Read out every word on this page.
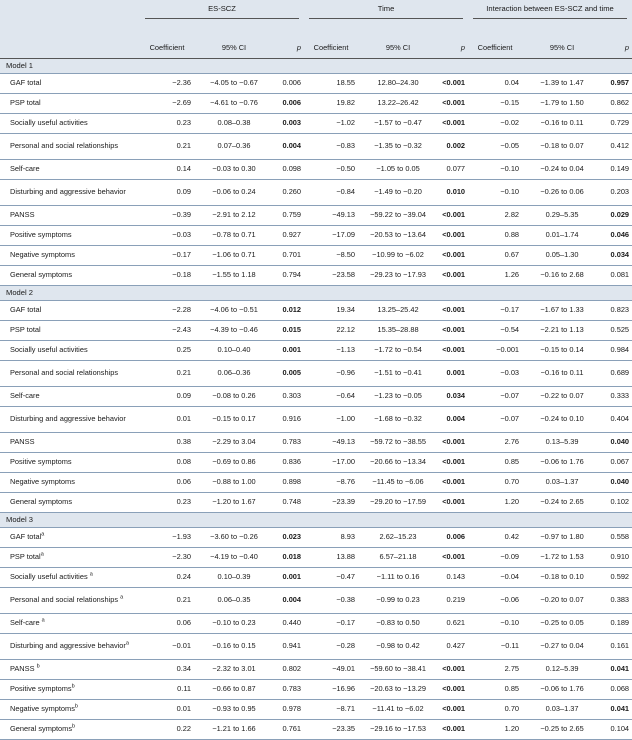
	ES-SCZ			Time			Interaction between ES-SCZ and time		

	Coefficient	95% CI	p	Coefficient	95% CI	p	Coefficient	95% CI	p
Model 1									
GAF total	−2.36	−4.05 to −0.67	0.006	18.55	12.80–24.30	<0.001	0.04	−1.39 to 1.47	0.957
PSP total	−2.69	−4.61 to −0.76	0.006	19.82	13.22–26.42	<0.001	−0.15	−1.79 to 1.50	0.862
Socially useful activities	0.23	0.08–0.38	0.003	−1.02	−1.57 to −0.47	<0.001	−0.02	−0.16 to 0.11	0.729
Personal and social relationships	0.21	0.07–0.36	0.004	−0.83	−1.35 to −0.32	0.002	−0.05	−0.18 to 0.07	0.412
Self-care	0.14	−0.03 to 0.30	0.098	−0.50	−1.05 to 0.05	0.077	−0.10	−0.24 to 0.04	0.149
Disturbing and aggressive behavior	0.09	−0.06 to 0.24	0.260	−0.84	−1.49 to −0.20	0.010	−0.10	−0.26 to 0.06	0.203
PANSS	−0.39	−2.91 to 2.12	0.759	−49.13	−59.22 to −39.04	<0.001	2.82	0.29–5.35	0.029
Positive symptoms	−0.03	−0.78 to 0.71	0.927	−17.09	−20.53 to −13.64	<0.001	0.88	0.01–1.74	0.046
Negative symptoms	−0.17	−1.06 to 0.71	0.701	−8.50	−10.99 to −6.02	<0.001	0.67	0.05–1.30	0.034
General symptoms	−0.18	−1.55 to 1.18	0.794	−23.58	−29.23 to −17.93	<0.001	1.26	−0.16 to 2.68	0.081
Model 2									
GAF total	−2.28	−4.06 to −0.51	0.012	19.34	13.25–25.42	<0.001	−0.17	−1.67 to 1.33	0.823
PSP total	−2.43	−4.39 to −0.46	0.015	22.12	15.35–28.88	<0.001	−0.54	−2.21 to 1.13	0.525
Socially useful activities	0.25	0.10–0.40	0.001	−1.13	−1.72 to −0.54	<0.001	−0.001	−0.15 to 0.14	0.984
Personal and social relationships	0.21	0.06–0.36	0.005	−0.96	−1.51 to −0.41	0.001	−0.03	−0.16 to 0.11	0.689
Self-care	0.09	−0.08 to 0.26	0.303	−0.64	−1.23 to −0.05	0.034	−0.07	−0.22 to 0.07	0.333
Disturbing and aggressive behavior	0.01	−0.15 to 0.17	0.916	−1.00	−1.68 to −0.32	0.004	−0.07	−0.24 to 0.10	0.404
PANSS	0.38	−2.29 to 3.04	0.783	−49.13	−59.72 to −38.55	<0.001	2.76	0.13–5.39	0.040
Positive symptoms	0.08	−0.69 to 0.86	0.836	−17.00	−20.66 to −13.34	<0.001	0.85	−0.06 to 1.76	0.067
Negative symptoms	0.06	−0.88 to 1.00	0.898	−8.76	−11.45 to −6.06	<0.001	0.70	0.03–1.37	0.040
General symptoms	0.23	−1.20 to 1.67	0.748	−23.39	−29.20 to −17.59	<0.001	1.20	−0.24 to 2.65	0.102
Model 3									
GAF total$^a$	−1.93	−3.60 to −0.26	0.023	8.93	2.62–15.23	0.006	0.42	−0.97 to 1.80	0.558
PSP total$^a$	−2.30	−4.19 to −0.40	0.018	13.88	6.57–21.18	<0.001	−0.09	−1.72 to 1.53	0.910
Socially useful activities $^a$	0.24	0.10–0.39	0.001	−0.47	−1.11 to 0.16	0.143	−0.04	−0.18 to 0.10	0.592
Personal and social relationships $^a$	0.21	0.06–0.35	0.004	−0.38	−0.99 to 0.23	0.219	−0.06	−0.20 to 0.07	0.383
Self-care $^a$	0.06	−0.10 to 0.23	0.440	−0.17	−0.83 to 0.50	0.621	−0.10	−0.25 to 0.05	0.189
Disturbing and aggressive behavior$^a$	−0.01	−0.16 to 0.15	0.941	−0.28	−0.98 to 0.42	0.427	−0.11	−0.27 to 0.04	0.161
PANSS $^b$	0.34	−2.32 to 3.01	0.802	−49.01	−59.60 to −38.41	<0.001	2.75	0.12–5.39	0.041
Positive symptoms$^b$	0.11	−0.66 to 0.87	0.783	−16.96	−20.63 to −13.29	<0.001	0.85	−0.06 to 1.76	0.068
Negative symptoms$^b$	0.01	−0.93 to 0.95	0.978	−8.71	−11.41 to −6.02	<0.001	0.70	0.03–1.37	0.041
General symptoms$^b$	0.22	−1.21 to 1.66	0.761	−23.35	−29.16 to −17.53	<0.001	1.20	−0.25 to 2.65	0.104
